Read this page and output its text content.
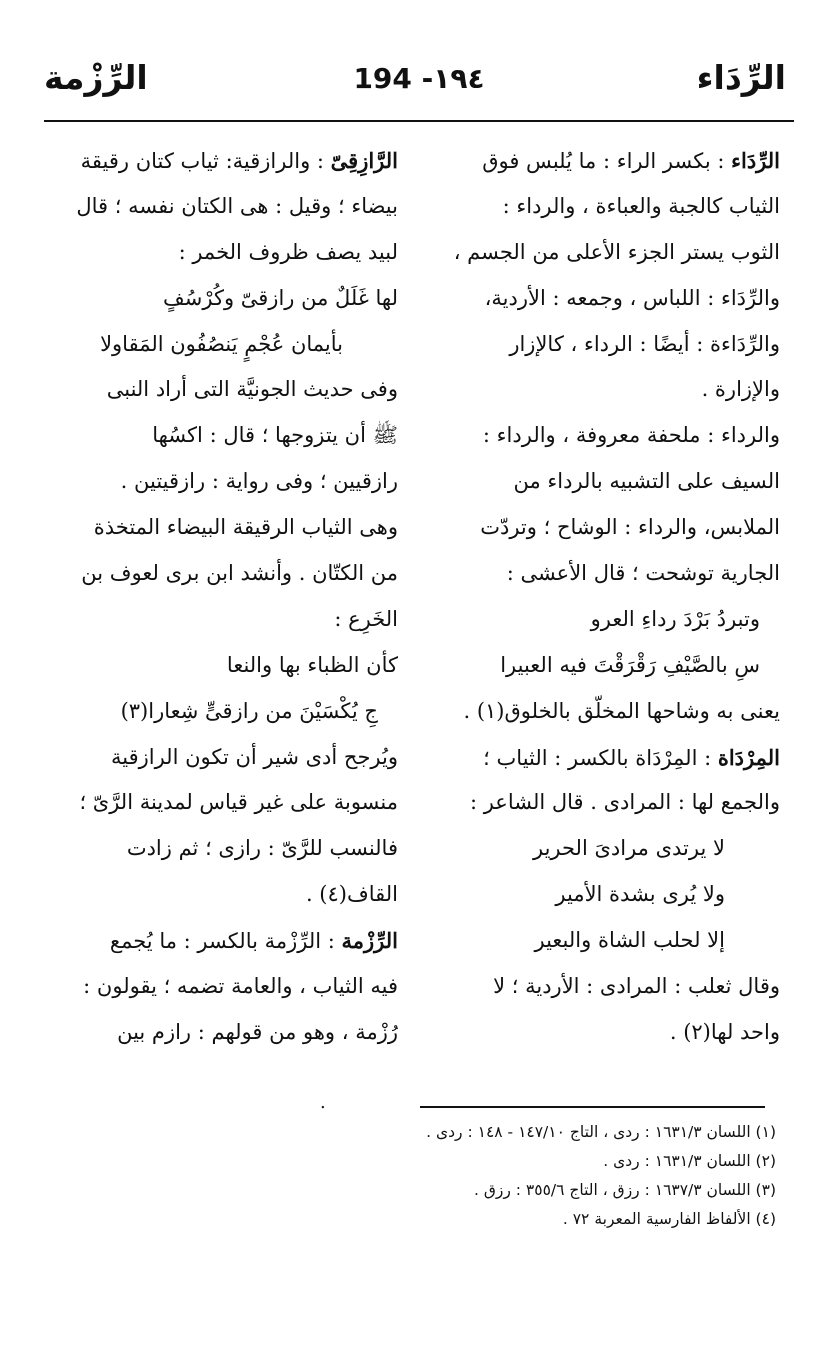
الرِّدَاء
194 -١٩٤
الرِّزْمة
الرِّدَاء : بكسر الراء : ما يُلبس فوق
الثياب كالجبة والعباءة ، والرداء :
الثوب يستر الجزء الأعلى من الجسم ،
والرِّدَاء : اللباس ، وجمعه : الأردية،
والرِّدَاءة : أيضًا : الرداء ، كالإزار
والإزارة .
والرداء : ملحفة معروفة ، والرداء :
السيف على التشبيه بالرداء من
الملابس، والرداء : الوشاح ؛ وتردّت
الجارية توشحت ؛ قال الأعشى :
وتبردُ بَرْدَ رداءِ العرو
سِ بالصَّيْفِ رَقْرَقْتَ فيه العبيرا
يعنى به وشاحها المخلّق بالخلوق(١) .
المِرْدَاة : المِرْدَاة بالكسر : الثياب ؛
والجمع لها : المرادى . قال الشاعر :
لا يرتدى مرادىَ الحرير
ولا يُرى بشدة الأمير
إلا لحلب الشاة والبعير
وقال ثعلب : المرادى : الأردية ؛ لا
واحد لها(٢) .
الرَّازِقِىّ : والرازقية: ثياب كتان رقيقة
بيضاء ؛ وقيل : هى الكتان نفسه ؛ قال
لبيد يصف ظروف الخمر :
لها غَلَلٌ من رازقىّ وكُرْسُفٍ
بأيمان عُجْمٍ يَنصُفُون المَقاولا
وفى حديث الجونيَّة التى أراد النبى
ﷺ أن يتزوجها ؛ قال : اكسُها
رازقيين ؛ وفى رواية : رازقيتين .
وهى الثياب الرقيقة البيضاء المتخذة
من الكتّان . وأنشد ابن برى لعوف بن
الخَرِع :
كأن الظباء بها والنعا
جِ يُكْسَيْنَ من رازقىٍّ شِعارا(٣)
ويُرجح أدى شير أن تكون الرازقية
منسوبة على غير قياس لمدينة الرَّىّ ؛
فالنسب للرَّىّ : رازى ؛ ثم زادت
القاف(٤) .
الرِّزْمة : الرِّزْمة بالكسر : ما يُجمع
فيه الثياب ، والعامة تضمه ؛ يقولون :
رُزْمة ، وهو من قولهم : رازم بين
.
(١) اللسان ١٦٣١/٣ : ردى ، التاج ١٤٧/١٠ - ١٤٨ : ردى .
(٢) اللسان ١٦٣١/٣ : ردى .
(٣) اللسان ١٦٣٧/٣ : رزق ، التاج ٣٥٥/٦ : رزق .
(٤) الألفاظ الفارسية المعربة ٧٢ .
